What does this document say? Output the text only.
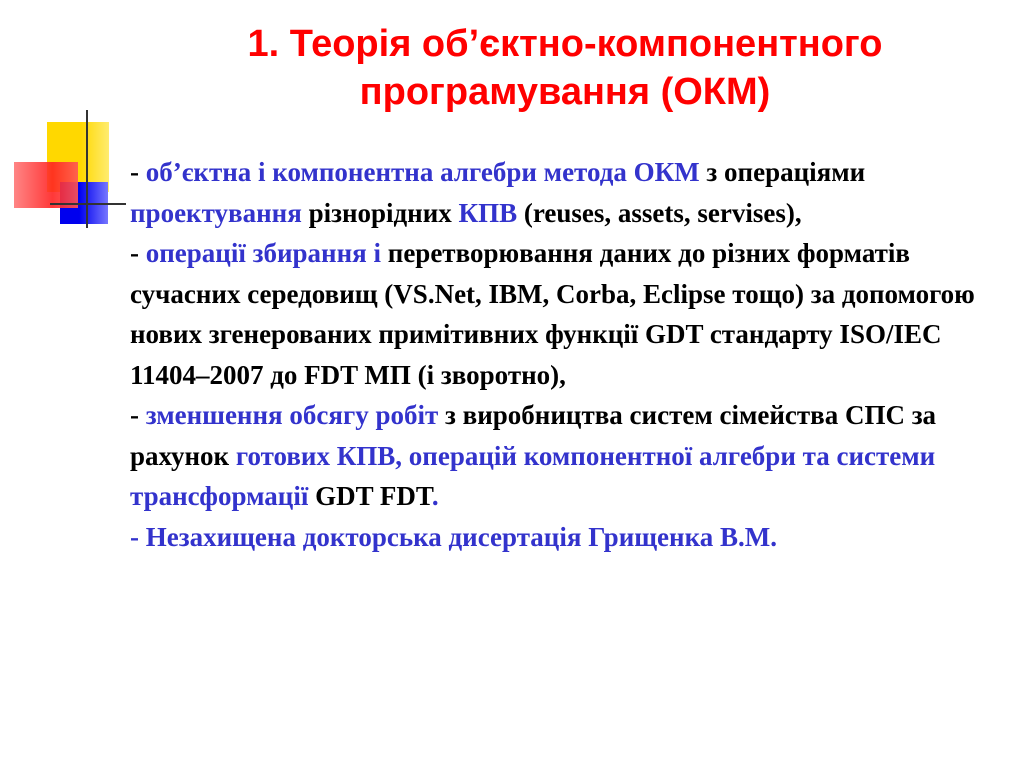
1. Теорія об’єктно-компонентного
програмування (ОКМ)

- об’єктна і компонентна алгебри метода ОКМ з операціями проектування різнорідних КПВ (reuses, assets, servises),

- операції збирання і перетворювання даних до різних форматів сучасних середовищ (VS.Net, IBM, Corba, Eclipse тощо) за допомогою нових згенерованих примітивних функції GDT стандарту ISO/IEC 11404–2007 до FDT МП (і зворотно),

- зменшення обсягу робіт з виробництва систем сімейства СПС за рахунок готових КПВ, операцій компонентної алгебри та системи трансформації GDT FDT.

- Незахищена докторська дисертація Грищенка В.М.
